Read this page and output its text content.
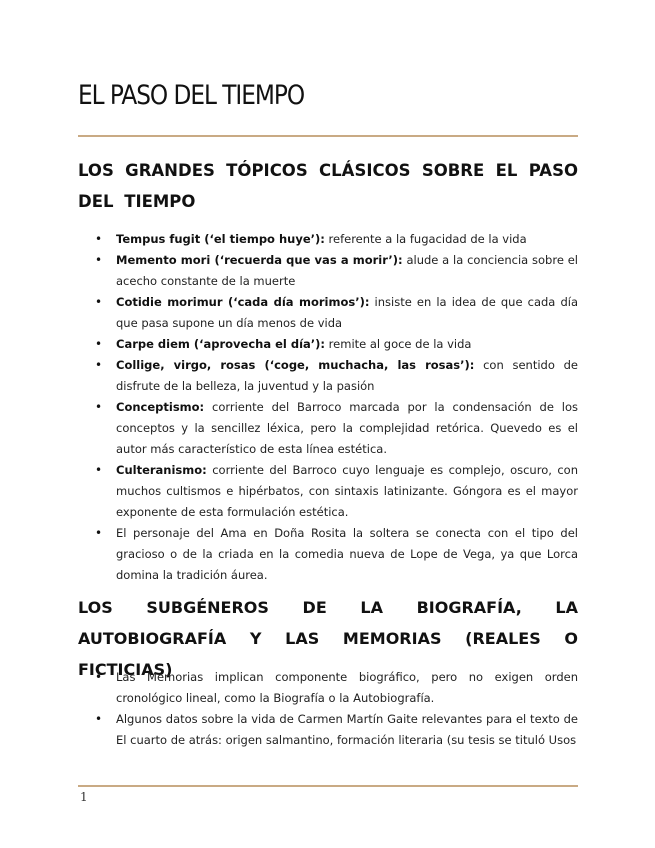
EL PASO DEL TIEMPO
LOS GRANDES TÓPICOS CLÁSICOS SOBRE EL PASO DEL TIEMPO
• Tempus fugit (‘el tiempo huye’): referente a la fugacidad de la vida
• Memento mori (‘recuerda que vas a morir’): alude a la conciencia sobre el acecho constante de la muerte
• Cotidie morimur (‘cada día morimos’): insiste en la idea de que cada día que pasa supone un día menos de vida
• Carpe diem (‘aprovecha el día’): remite al goce de la vida
• Collige, virgo, rosas (‘coge, muchacha, las rosas’): con sentido de disfrute de la belleza, la juventud y la pasión
• Conceptismo: corriente del Barroco marcada por la condensación de los conceptos y la sencillez léxica, pero la complejidad retórica. Quevedo es el autor más característico de esta línea estética.
• Culteranismo: corriente del Barroco cuyo lenguaje es complejo, oscuro, con muchos cultismos e hipérbatos, con sintaxis latinizante. Góngora es el mayor exponente de esta formulación estética.
• El personaje del Ama en Doña Rosita la soltera se conecta con el tipo del gracioso o de la criada en la comedia nueva de Lope de Vega, ya que Lorca domina la tradición áurea.
LOS SUBGÉNEROS DE LA BIOGRAFÍA, LA AUTOBIOGRAFÍA Y LAS MEMORIAS (REALES O FICTICIAS)
• Las Memorias implican componente biográfico, pero no exigen orden cronológico lineal, como la Biografía o la Autobiografía.
• Algunos datos sobre la vida de Carmen Martín Gaite relevantes para el texto de El cuarto de atrás: origen salmantino, formación literaria (su tesis se tituló Usos
1
